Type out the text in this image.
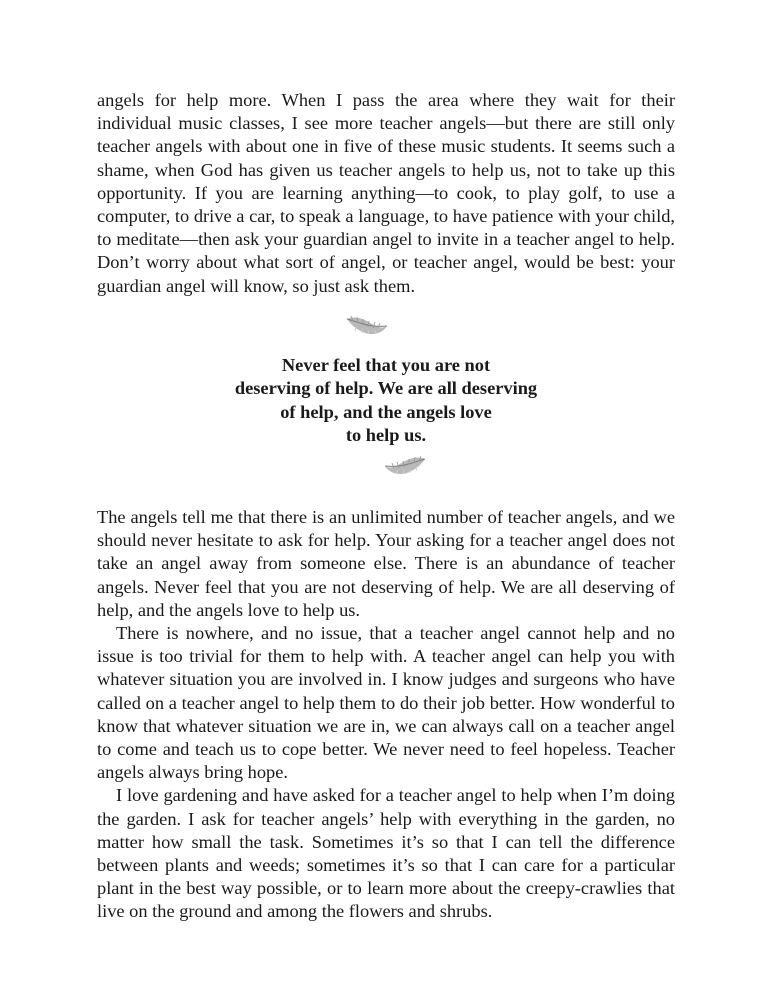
angels for help more. When I pass the area where they wait for their individual music classes, I see more teacher angels—but there are still only teacher angels with about one in five of these music students. It seems such a shame, when God has given us teacher angels to help us, not to take up this opportunity. If you are learning anything—to cook, to play golf, to use a computer, to drive a car, to speak a language, to have patience with your child, to meditate—then ask your guardian angel to invite in a teacher angel to help. Don’t worry about what sort of angel, or teacher angel, would be best: your guardian angel will know, so just ask them.

Never feel that you are not
deserving of help. We are all deserving
of help, and the angels love
to help us.

The angels tell me that there is an unlimited number of teacher angels, and we should never hesitate to ask for help. Your asking for a teacher angel does not take an angel away from someone else. There is an abundance of teacher angels. Never feel that you are not deserving of help. We are all deserving of help, and the angels love to help us.

There is nowhere, and no issue, that a teacher angel cannot help and no issue is too trivial for them to help with. A teacher angel can help you with whatever situation you are involved in. I know judges and surgeons who have called on a teacher angel to help them to do their job better. How wonderful to know that whatever situation we are in, we can always call on a teacher angel to come and teach us to cope better. We never need to feel hopeless. Teacher angels always bring hope.

I love gardening and have asked for a teacher angel to help when I’m doing the garden. I ask for teacher angels’ help with everything in the garden, no matter how small the task. Sometimes it’s so that I can tell the difference between plants and weeds; sometimes it’s so that I can care for a particular plant in the best way possible, or to learn more about the creepy-crawlies that live on the ground and among the flowers and shrubs.
